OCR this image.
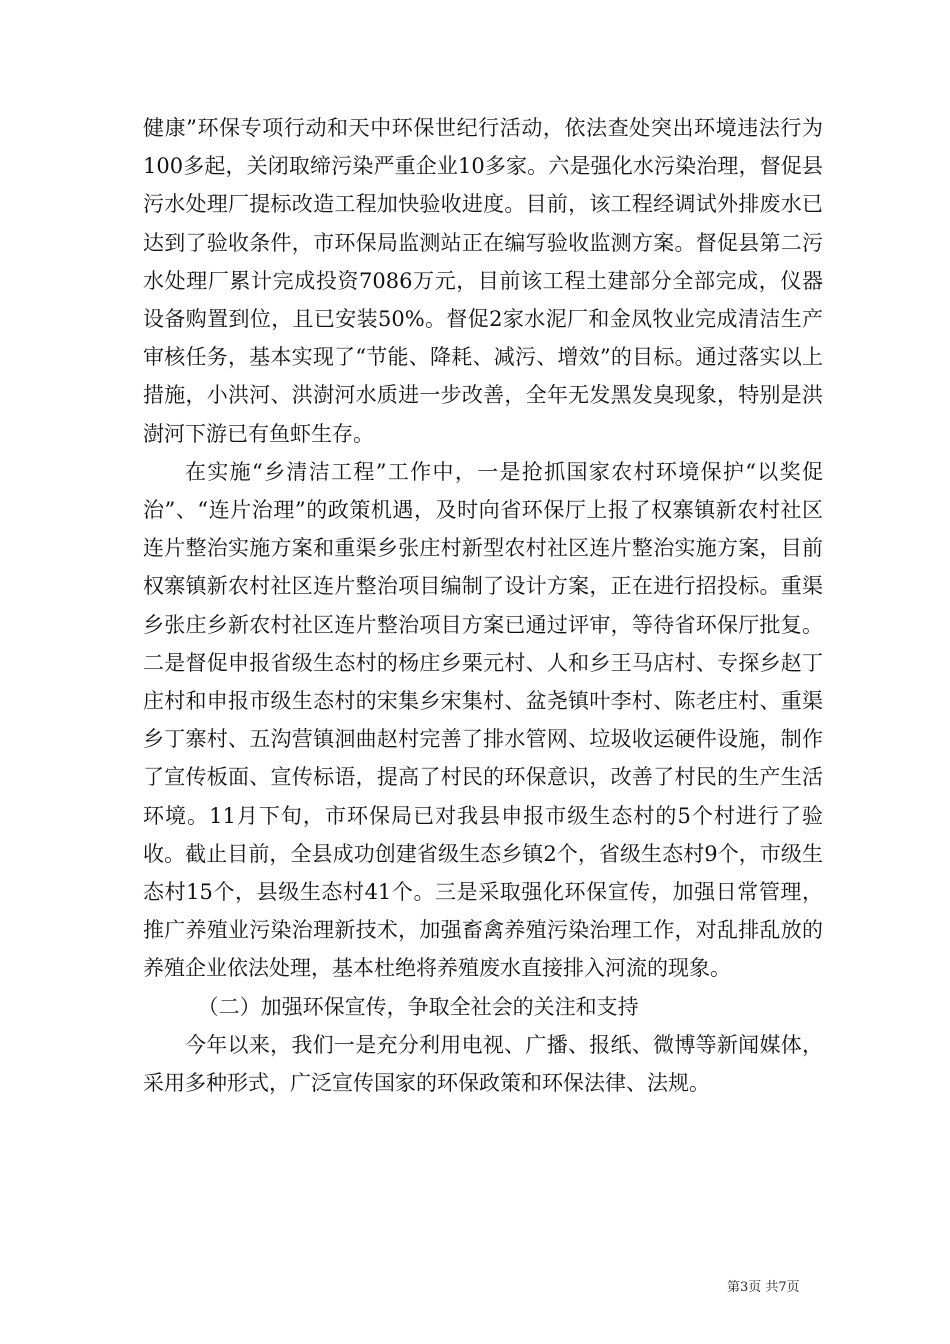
健康”环保专项行动和天中环保世纪行活动，依法查处突出环境违法行为100多起，关闭取缔污染严重企业10多家。六是强化水污染治理，督促县污水处理厂提标改造工程加快验收进度。目前，该工程经调试外排废水已达到了验收条件，市环保局监测站正在编写验收监测方案。督促县第二污水处理厂累计完成投资7086万元，目前该工程土建部分全部完成，仪器设备购置到位，且已安装50%。督促2家水泥厂和金凤牧业完成清洁生产审核任务，基本实现了“节能、降耗、减污、增效”的目标。通过落实以上措施，小洪河、洪澍河水质进一步改善，全年无发黑发臭现象，特别是洪澍河下游已有鱼虾生存。

在实施“乡清洁工程”工作中，一是抢抓国家农村环境保护“以奖促治”、“连片治理”的政策机遇，及时向省环保厅上报了权寨镇新农村社区连片整治实施方案和重渠乡张庄村新型农村社区连片整治实施方案，目前权寨镇新农村社区连片整治项目编制了设计方案，正在进行招投标。重渠乡张庄乡新农村社区连片整治项目方案已通过评审，等待省环保厅批复。二是督促申报省级生态村的杨庄乡栗元村、人和乡王马店村、专探乡赵丁庄村和申报市级生态村的宋集乡宋集村、盆尧镇叶李村、陈老庄村、重渠乡丁寨村、五沟营镇洄曲赵村完善了排水管网、垃圾收运硬件设施，制作了宣传板面、宣传标语，提高了村民的环保意识，改善了村民的生产生活环境。11月下旬，市环保局已对我县申报市级生态村的5个村进行了验收。截止目前，全县成功创建省级生态乡镇2个，省级生态村9个，市级生态村15个，县级生态村41个。三是采取强化环保宣传，加强日常管理，推广养殖业污染治理新技术，加强畜禽养殖污染治理工作，对乱排乱放的养殖企业依法处理，基本杜绝将养殖废水直接排入河流的现象。

（二）加强环保宣传，争取全社会的关注和支持

今年以来，我们一是充分利用电视、广播、报纸、微博等新闻媒体，采用多种形式，广泛宣传国家的环保政策和环保法律、法规。

第3页 共7页
